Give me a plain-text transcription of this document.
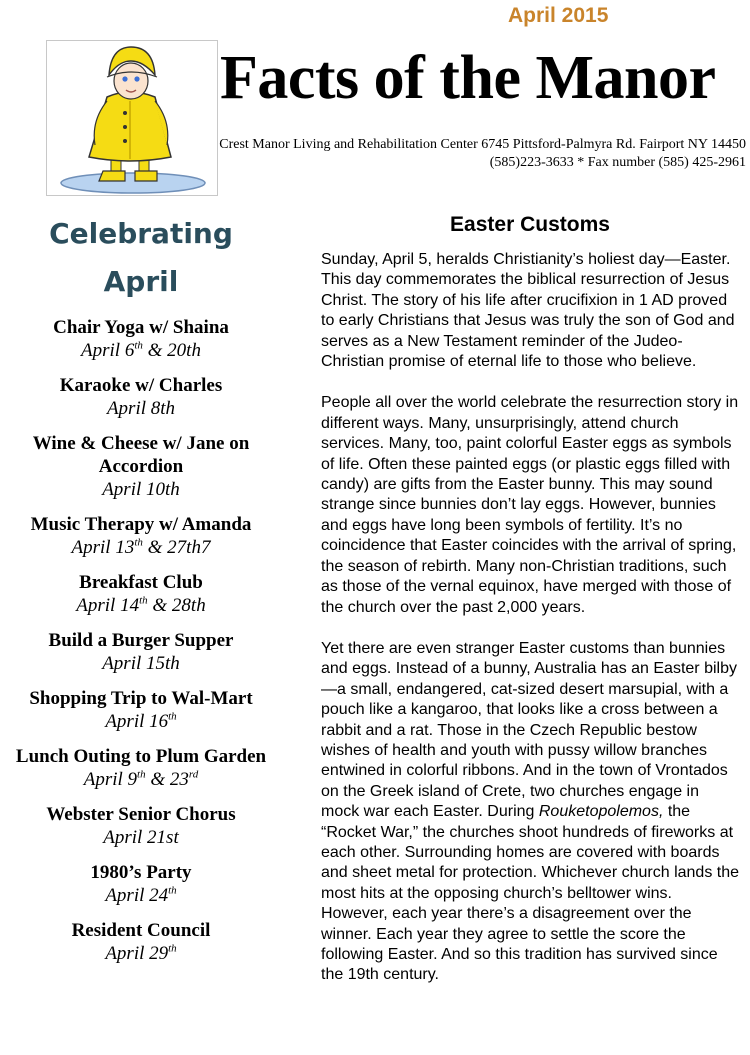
April 2015
Facts of the Manor
Crest Manor Living and Rehabilitation Center 6745 Pittsford-Palmyra Rd. Fairport NY 14450
(585)223-3633 * Fax number (585) 425-2961
Celebrating
April
Chair Yoga w/ Shaina
April 6th & 20th
Karaoke w/ Charles
April 8th
Wine & Cheese w/ Jane on Accordion
April 10th
Music Therapy w/ Amanda
April 13th & 27th7
Breakfast Club
April 14th & 28th
Build a Burger Supper
April 15th
Shopping Trip to Wal-Mart
April 16th
Lunch Outing to Plum Garden
April 9th & 23rd
Webster Senior Chorus
April 21st
1980’s Party
April 24th
Resident Council
April 29th
Easter Customs

Sunday, April 5, heralds Christianity’s holiest day—Easter. This day commemorates the biblical resurrection of Jesus Christ. The story of his life after crucifixion in 1 AD proved to early Christians that Jesus was truly the son of God and serves as a New Testament reminder of the Judeo-Christian promise of eternal life to those who believe.

People all over the world celebrate the resurrection story in different ways. Many, unsurprisingly, attend church services. Many, too, paint colorful Easter eggs as symbols of life. Often these painted eggs (or plastic eggs filled with candy) are gifts from the Easter bunny. This may sound strange since bunnies don’t lay eggs. However, bunnies and eggs have long been symbols of fertility. It’s no coincidence that Easter coincides with the arrival of spring, the season of rebirth. Many non-Christian traditions, such as those of the vernal equinox, have merged with those of the church over the past 2,000 years.

Yet there are even stranger Easter customs than bunnies and eggs. Instead of a bunny, Australia has an Easter bilby—a small, endangered, cat-sized desert marsupial, with a pouch like a kangaroo, that looks like a cross between a rabbit and a rat. Those in the Czech Republic bestow wishes of health and youth with pussy willow branches entwined in colorful ribbons. And in the town of Vrontados on the Greek island of Crete, two churches engage in mock war each Easter. During Rouketopolemos, the “Rocket War,” the churches shoot hundreds of fireworks at each other. Surrounding homes are covered with boards and sheet metal for protection. Whichever church lands the most hits at the opposing church’s belltower wins. However, each year there’s a disagreement over the winner. Each year they agree to settle the score the following Easter. And so this tradition has survived since the 19th century.
